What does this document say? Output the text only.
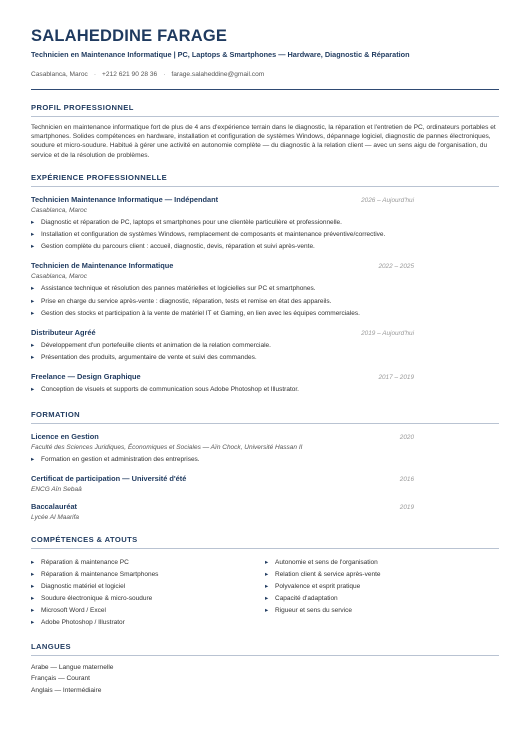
SALAHEDDINE FARAGE
Technicien en Maintenance Informatique | PC, Laptops & Smartphones — Hardware, Diagnostic & Réparation
Casablanca, Maroc · +212 621 90 28 36 · farage.salaheddine@gmail.com
PROFIL PROFESSIONNEL
Technicien en maintenance informatique fort de plus de 4 ans d'expérience terrain dans le diagnostic, la réparation et l'entretien de PC, ordinateurs portables et smartphones. Solides compétences en hardware, installation et configuration de systèmes Windows, dépannage logiciel, diagnostic de pannes électroniques, soudure et micro-soudure. Habitué à gérer une activité en autonomie complète — du diagnostic à la relation client — avec un sens aigu de l'organisation, du service et de la résolution de problèmes.
EXPÉRIENCE PROFESSIONNELLE
Technicien Maintenance Informatique — Indépendant	2026 – Aujourd'hui
Casablanca, Maroc
▸ Diagnostic et réparation de PC, laptops et smartphones pour une clientèle particulière et professionnelle.
▸ Installation et configuration de systèmes Windows, remplacement de composants et maintenance préventive/corrective.
▸ Gestion complète du parcours client : accueil, diagnostic, devis, réparation et suivi après-vente.
Technicien de Maintenance Informatique	2022 – 2025
Casablanca, Maroc
▸ Assistance technique et résolution des pannes matérielles et logicielles sur PC et smartphones.
▸ Prise en charge du service après-vente : diagnostic, réparation, tests et remise en état des appareils.
▸ Gestion des stocks et participation à la vente de matériel IT et Gaming, en lien avec les équipes commerciales.
Distributeur Agréé	2019 – Aujourd'hui
▸ Développement d'un portefeuille clients et animation de la relation commerciale.
▸ Présentation des produits, argumentaire de vente et suivi des commandes.
Freelance — Design Graphique	2017 – 2019
▸ Conception de visuels et supports de communication sous Adobe Photoshop et Illustrator.
FORMATION
Licence en Gestion	2020
Faculté des Sciences Juridiques, Économiques et Sociales — Aïn Chock, Université Hassan II
▸ Formation en gestion et administration des entreprises.
Certificat de participation — Université d'été	2016
ENCG Aïn Sebaâ
Baccalauréat	2019
Lycée Al Maarifa
COMPÉTENCES & ATOUTS
▸ Réparation & maintenance PC
▸ Réparation & maintenance Smartphones
▸ Diagnostic matériel et logiciel
▸ Soudure électronique & micro-soudure
▸ Microsoft Word / Excel
▸ Adobe Photoshop / Illustrator
▸ Autonomie et sens de l'organisation
▸ Relation client & service après-vente
▸ Polyvalence et esprit pratique
▸ Capacité d'adaptation
▸ Rigueur et sens du service
LANGUES
Arabe — Langue maternelle
Français — Courant
Anglais — Intermédiaire
